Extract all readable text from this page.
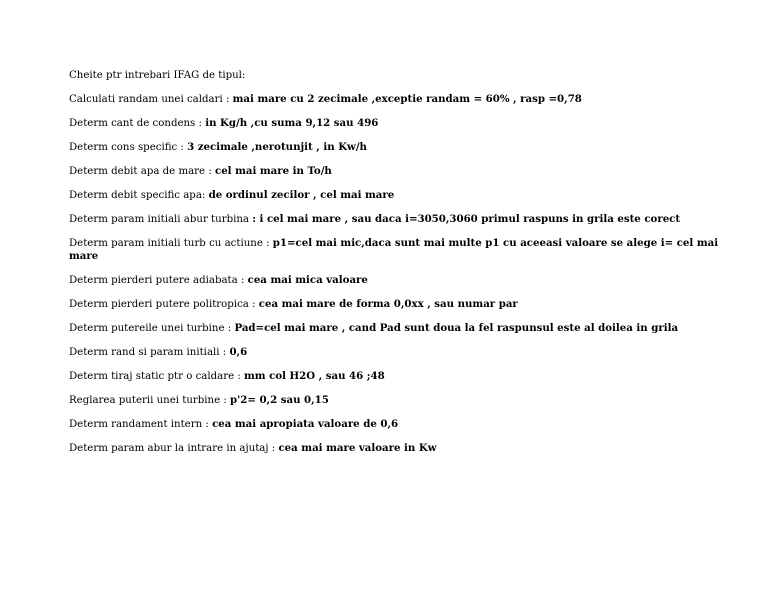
Cheite ptr intrebari IFAG de tipul:
Calculati randam unei caldari : mai mare cu 2 zecimale ,exceptie randam = 60% , rasp =0,78
Determ cant de condens : in Kg/h ,cu suma 9,12 sau 496
Determ cons specific : 3 zecimale ,nerotunjit , in Kw/h
Determ debit apa de mare : cel mai mare in To/h
Determ debit specific apa: de ordinul zecilor , cel mai mare
Determ param initiali abur turbina : i cel mai mare , sau daca i=3050,3060 primul raspuns in grila este corect
Determ param initiali turb cu actiune : p1=cel mai mic,daca sunt mai multe p1 cu aceeasi valoare se alege i= cel mai mare
Determ pierderi putere adiabata : cea mai mica valoare
Determ pierderi putere politropica : cea mai mare de forma 0,0xx , sau numar par
Determ putereile unei turbine : Pad=cel mai mare , cand Pad sunt doua la fel raspunsul este al doilea in grila
Determ rand si param initiali : 0,6
Determ tiraj static ptr o caldare : mm col H2O , sau 46 ;48
Reglarea puterii unei turbine : p'2= 0,2 sau 0,15
Determ randament intern : cea mai apropiata valoare de 0,6
Determ param abur la intrare in ajutaj : cea mai mare valoare in Kw
